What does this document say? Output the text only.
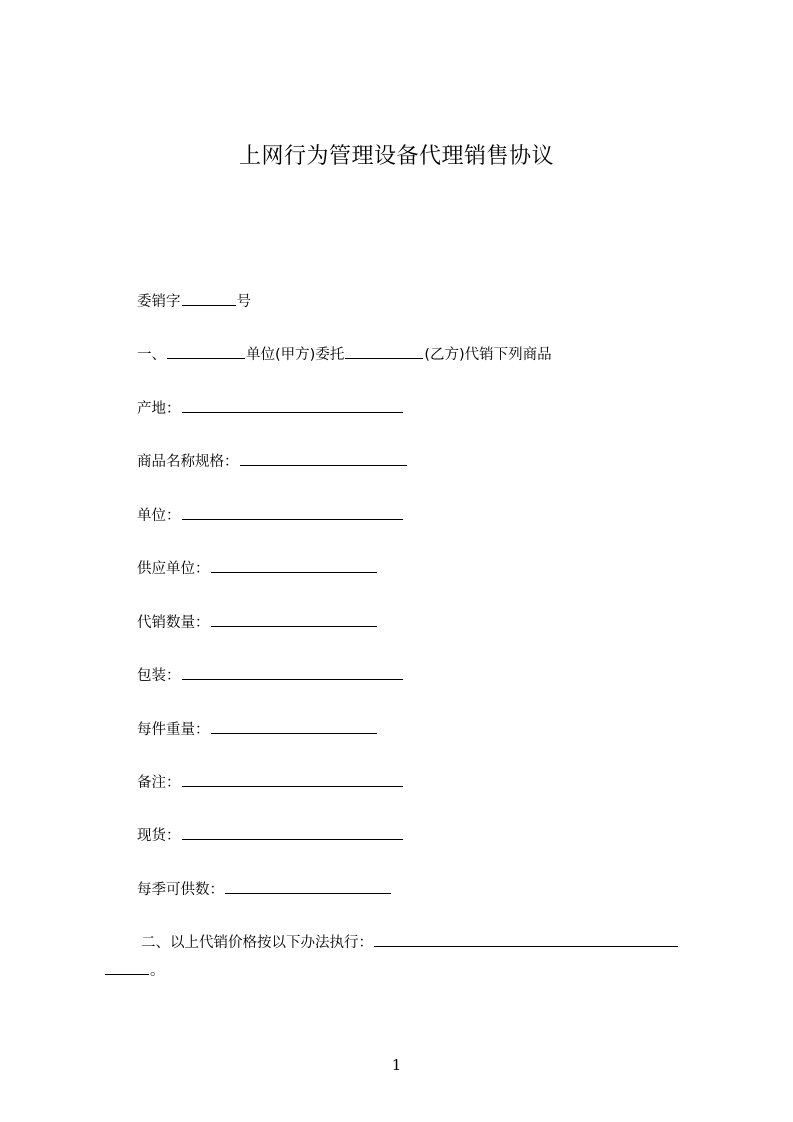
上网行为管理设备代理销售协议
委销字	号
一、	单位(甲方)委托	(乙方)代销下列商品
产地：
商品名称规格：
单位：
供应单位：
代销数量：
包装：
每件重量：
备注：
现货：
每季可供数：
二、以上代销价格按以下办法执行：
。
1
